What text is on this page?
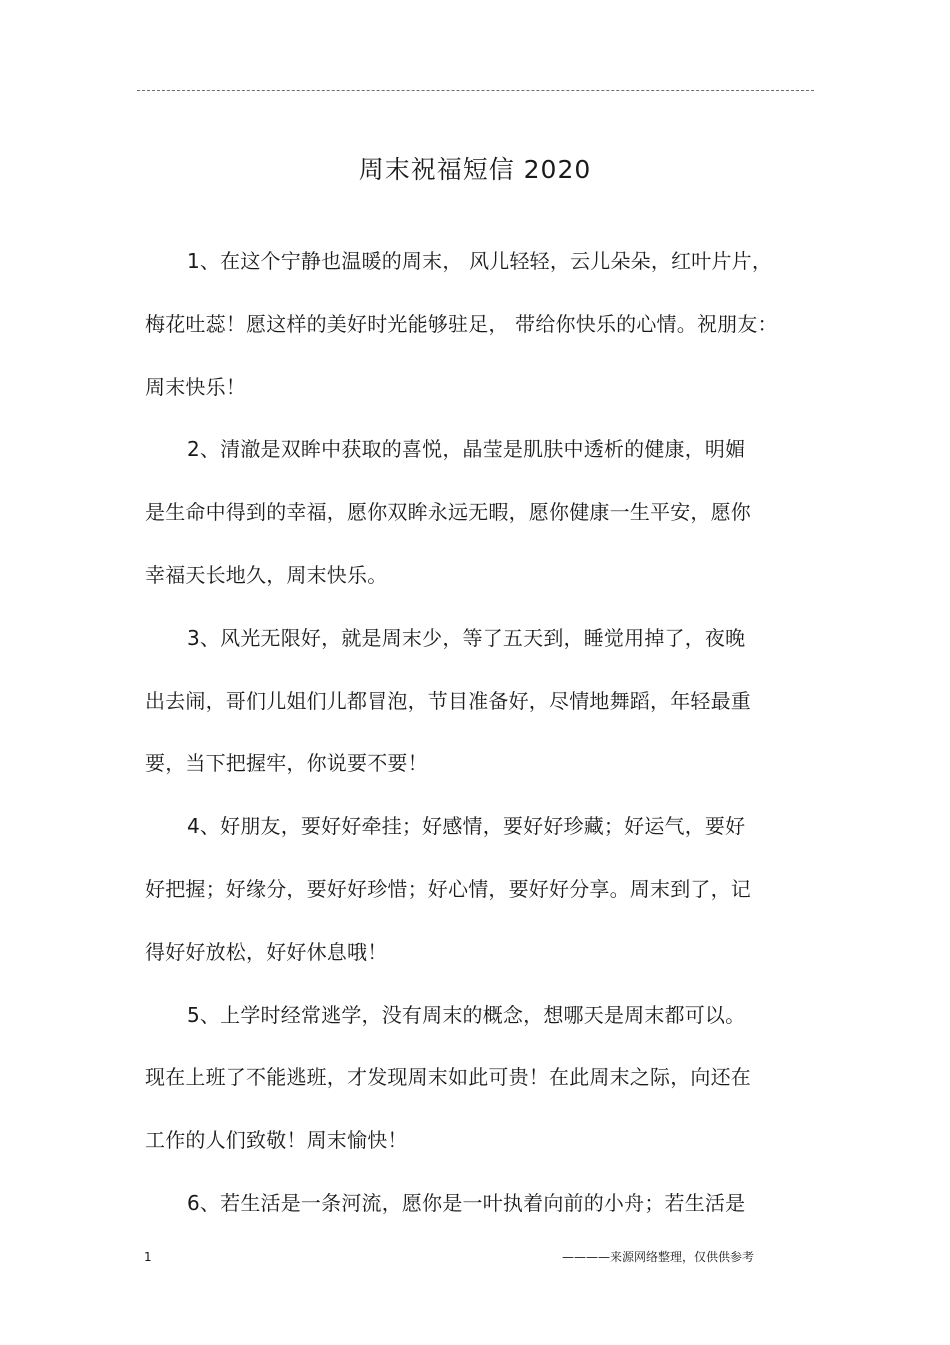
周末祝福短信 2020

1、在这个宁静也温暖的周末， 风儿轻轻，云儿朵朵，红叶片片，
梅花吐蕊！愿这样的美好时光能够驻足， 带给你快乐的心情。祝朋友：
周末快乐！

2、清澈是双眸中获取的喜悦，晶莹是肌肤中透析的健康，明媚
是生命中得到的幸福，愿你双眸永远无暇，愿你健康一生平安，愿你
幸福天长地久，周末快乐。

3、风光无限好，就是周末少，等了五天到，睡觉用掉了，夜晚
出去闹，哥们儿姐们儿都冒泡，节目准备好，尽情地舞蹈，年轻最重
要，当下把握牢，你说要不要！

4、好朋友，要好好牵挂；好感情，要好好珍藏；好运气，要好
好把握；好缘分，要好好珍惜；好心情，要好好分享。周末到了，记
得好好放松，好好休息哦！

5、上学时经常逃学，没有周末的概念，想哪天是周末都可以。
现在上班了不能逃班，才发现周末如此可贵！在此周末之际，向还在
工作的人们致敬！周末愉快！

6、若生活是一条河流，愿你是一叶执着向前的小舟；若生活是

1	————来源网络整理，仅供供参考
